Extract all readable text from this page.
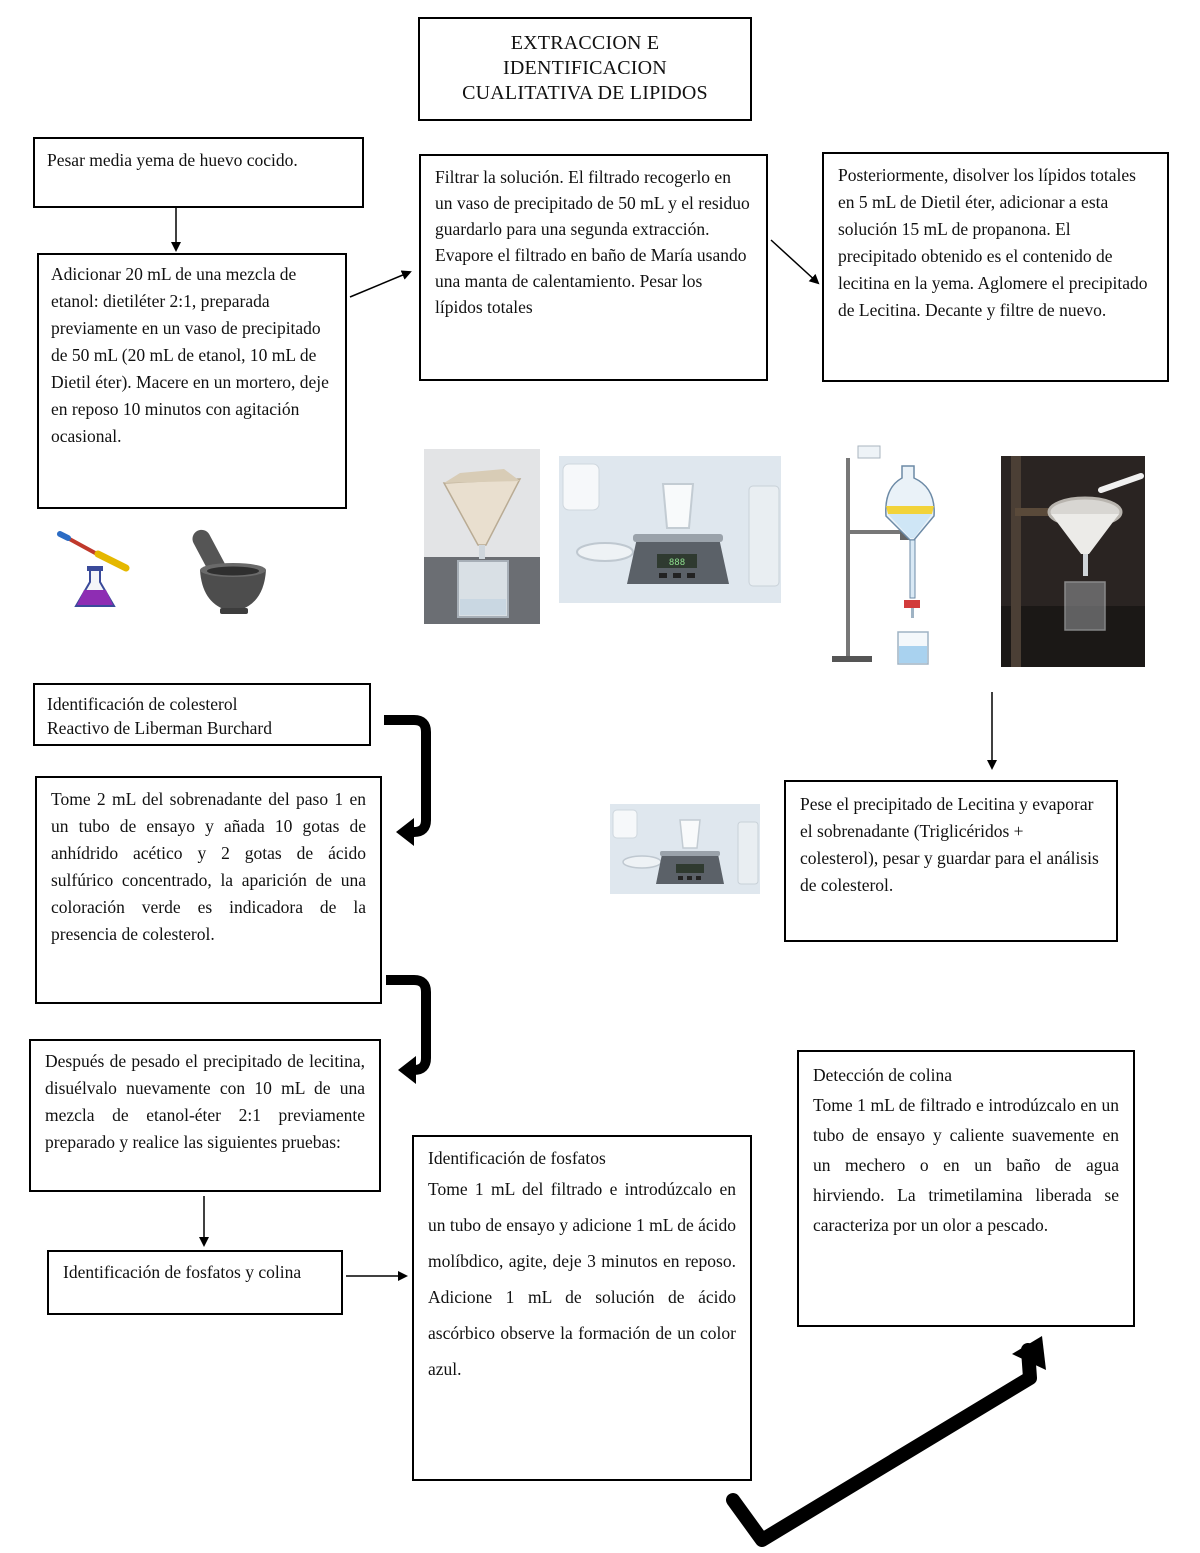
EXTRACCION E
IDENTIFICACION
CUALITATIVA DE LIPIDOS
Pesar media yema de huevo cocido.
Adicionar 20 mL de una mezcla de etanol: dietiléter 2:1, preparada previamente en un vaso de precipitado de 50 mL (20 mL de etanol, 10 mL de Dietil éter). Macere en un mortero, deje en reposo 10 minutos con agitación ocasional.
Filtrar la solución. El filtrado recogerlo en un vaso de precipitado de 50 mL y el residuo guardarlo para una segunda extracción. Evapore el filtrado en baño de María usando una manta de calentamiento. Pesar los lípidos totales
Posteriormente, disolver los lípidos totales en 5 mL de Dietil éter, adicionar a esta solución 15 mL de propanona. El precipitado obtenido es el contenido de lecitina en la yema. Aglomere el precipitado de Lecitina. Decante y filtre de nuevo.
Identificación de colesterol
Reactivo de Liberman Burchard
Tome 2 mL del sobrenadante del paso 1 en un tubo de ensayo y añada 10 gotas de anhídrido acético y 2 gotas de ácido sulfúrico concentrado, la aparición de una coloración verde es indicadora de la presencia de colesterol.
Pese el precipitado de Lecitina y evaporar el sobrenadante (Triglicéridos + colesterol), pesar y guardar para el análisis de colesterol.
Después de pesado el precipitado de lecitina, disuélvalo nuevamente con 10 mL de una mezcla de etanol-éter 2:1 previamente preparado y realice las siguientes pruebas:
Identificación de fosfatos y colina
Identificación de fosfatos
Tome 1 mL del filtrado e introdúzcalo en un tubo de ensayo y adicione 1 mL de ácido molíbdico, agite, deje 3 minutos en reposo. Adicione 1 mL de solución de ácido ascórbico observe la formación de un color azul.
Detección de colina
Tome 1 mL de filtrado e introdúzcalo en un tubo de ensayo y caliente suavemente en un mechero o en un baño de agua hirviendo. La trimetilamina liberada se caracteriza por un olor a pescado.
888
